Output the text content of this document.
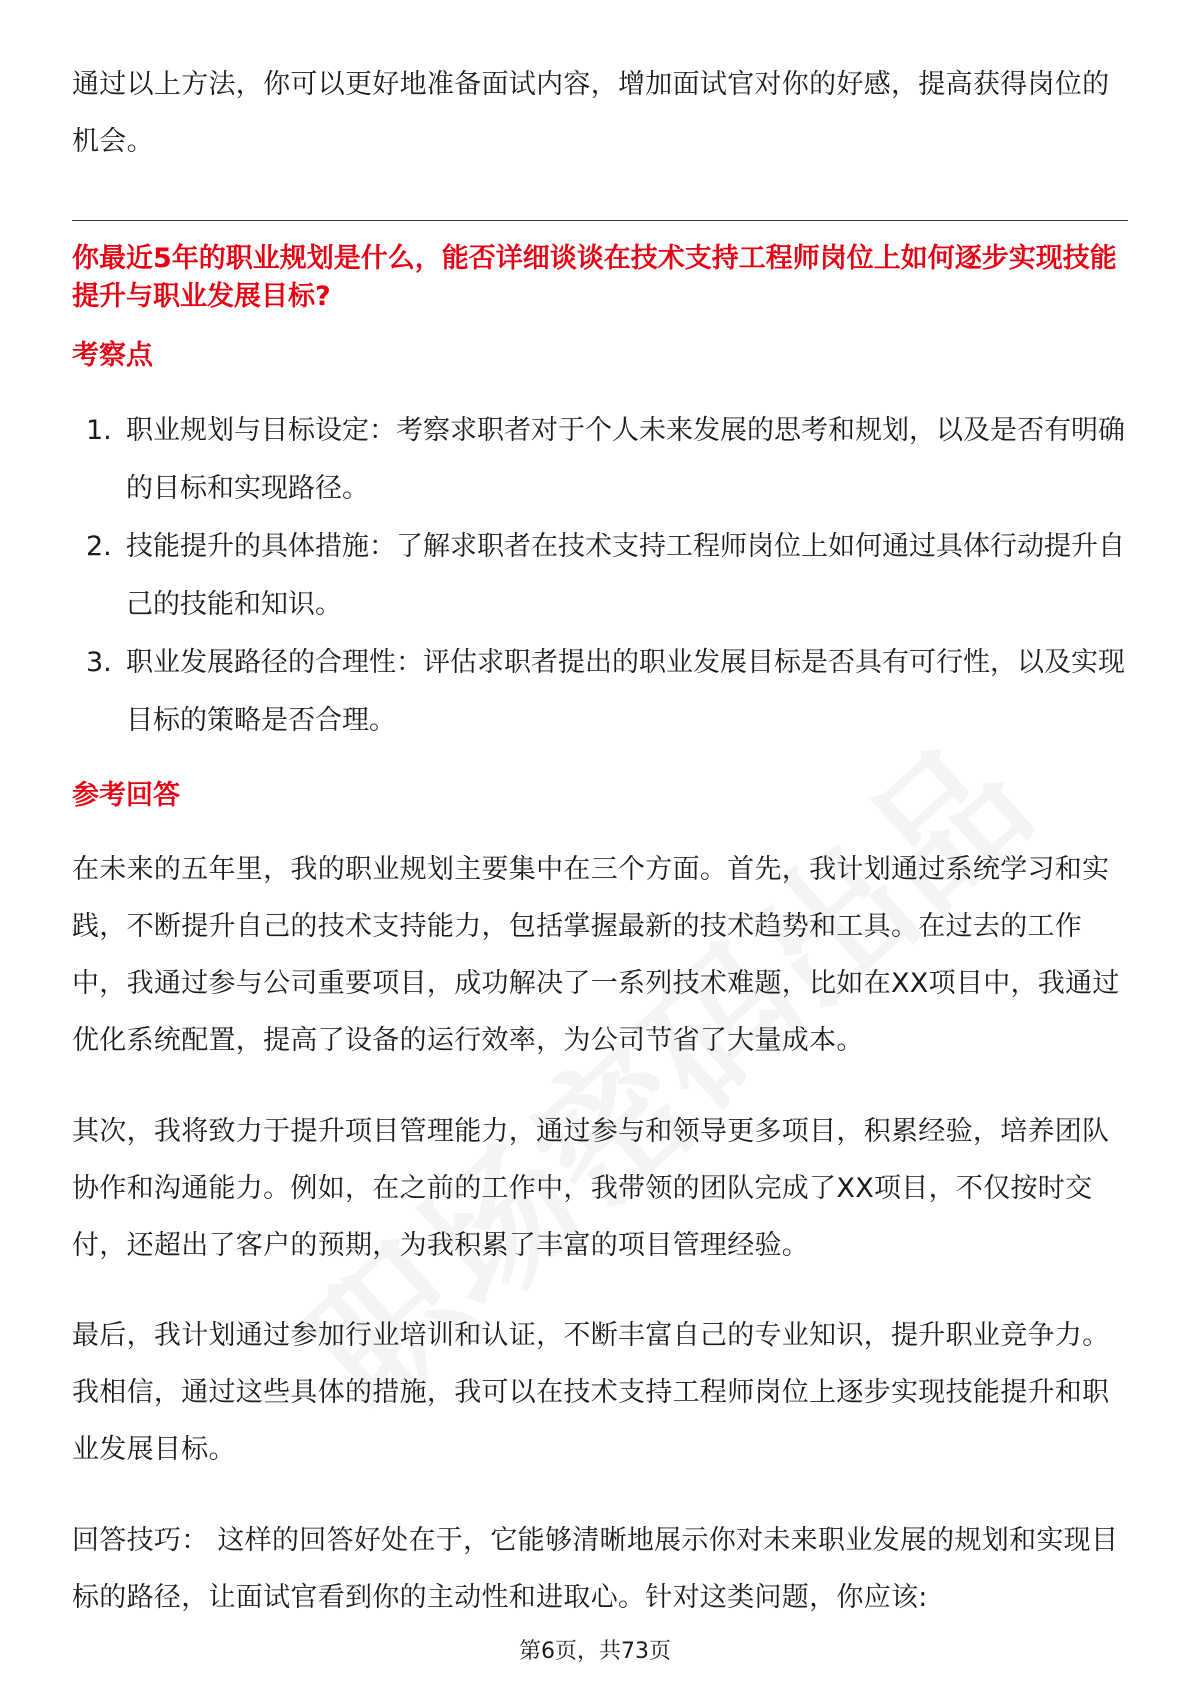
通过以上方法，你可以更好地准备面试内容，增加面试官对你的好感，提高获得岗位的机会。

你最近5年的职业规划是什么，能否详细谈谈在技术支持工程师岗位上如何逐步实现技能提升与职业发展目标?

考察点

1. 职业规划与目标设定：考察求职者对于个人未来发展的思考和规划，以及是否有明确的目标和实现路径。
2. 技能提升的具体措施：了解求职者在技术支持工程师岗位上如何通过具体行动提升自己的技能和知识。
3. 职业发展路径的合理性：评估求职者提出的职业发展目标是否具有可行性，以及实现目标的策略是否合理。

参考回答

在未来的五年里，我的职业规划主要集中在三个方面。首先，我计划通过系统学习和实践，不断提升自己的技术支持能力，包括掌握最新的技术趋势和工具。在过去的工作中，我通过参与公司重要项目，成功解决了一系列技术难题，比如在XX项目中，我通过优化系统配置，提高了设备的运行效率，为公司节省了大量成本。

其次，我将致力于提升项目管理能力，通过参与和领导更多项目，积累经验，培养团队协作和沟通能力。例如，在之前的工作中，我带领的团队完成了XX项目，不仅按时交付，还超出了客户的预期，为我积累了丰富的项目管理经验。

最后，我计划通过参加行业培训和认证，不断丰富自己的专业知识，提升职业竞争力。我相信，通过这些具体的措施，我可以在技术支持工程师岗位上逐步实现技能提升和职业发展目标。

回答技巧： 这样的回答好处在于，它能够清晰地展示你对未来职业发展的规划和实现目标的路径，让面试官看到你的主动性和进取心。针对这类问题，你应该:

第6页，共73页
